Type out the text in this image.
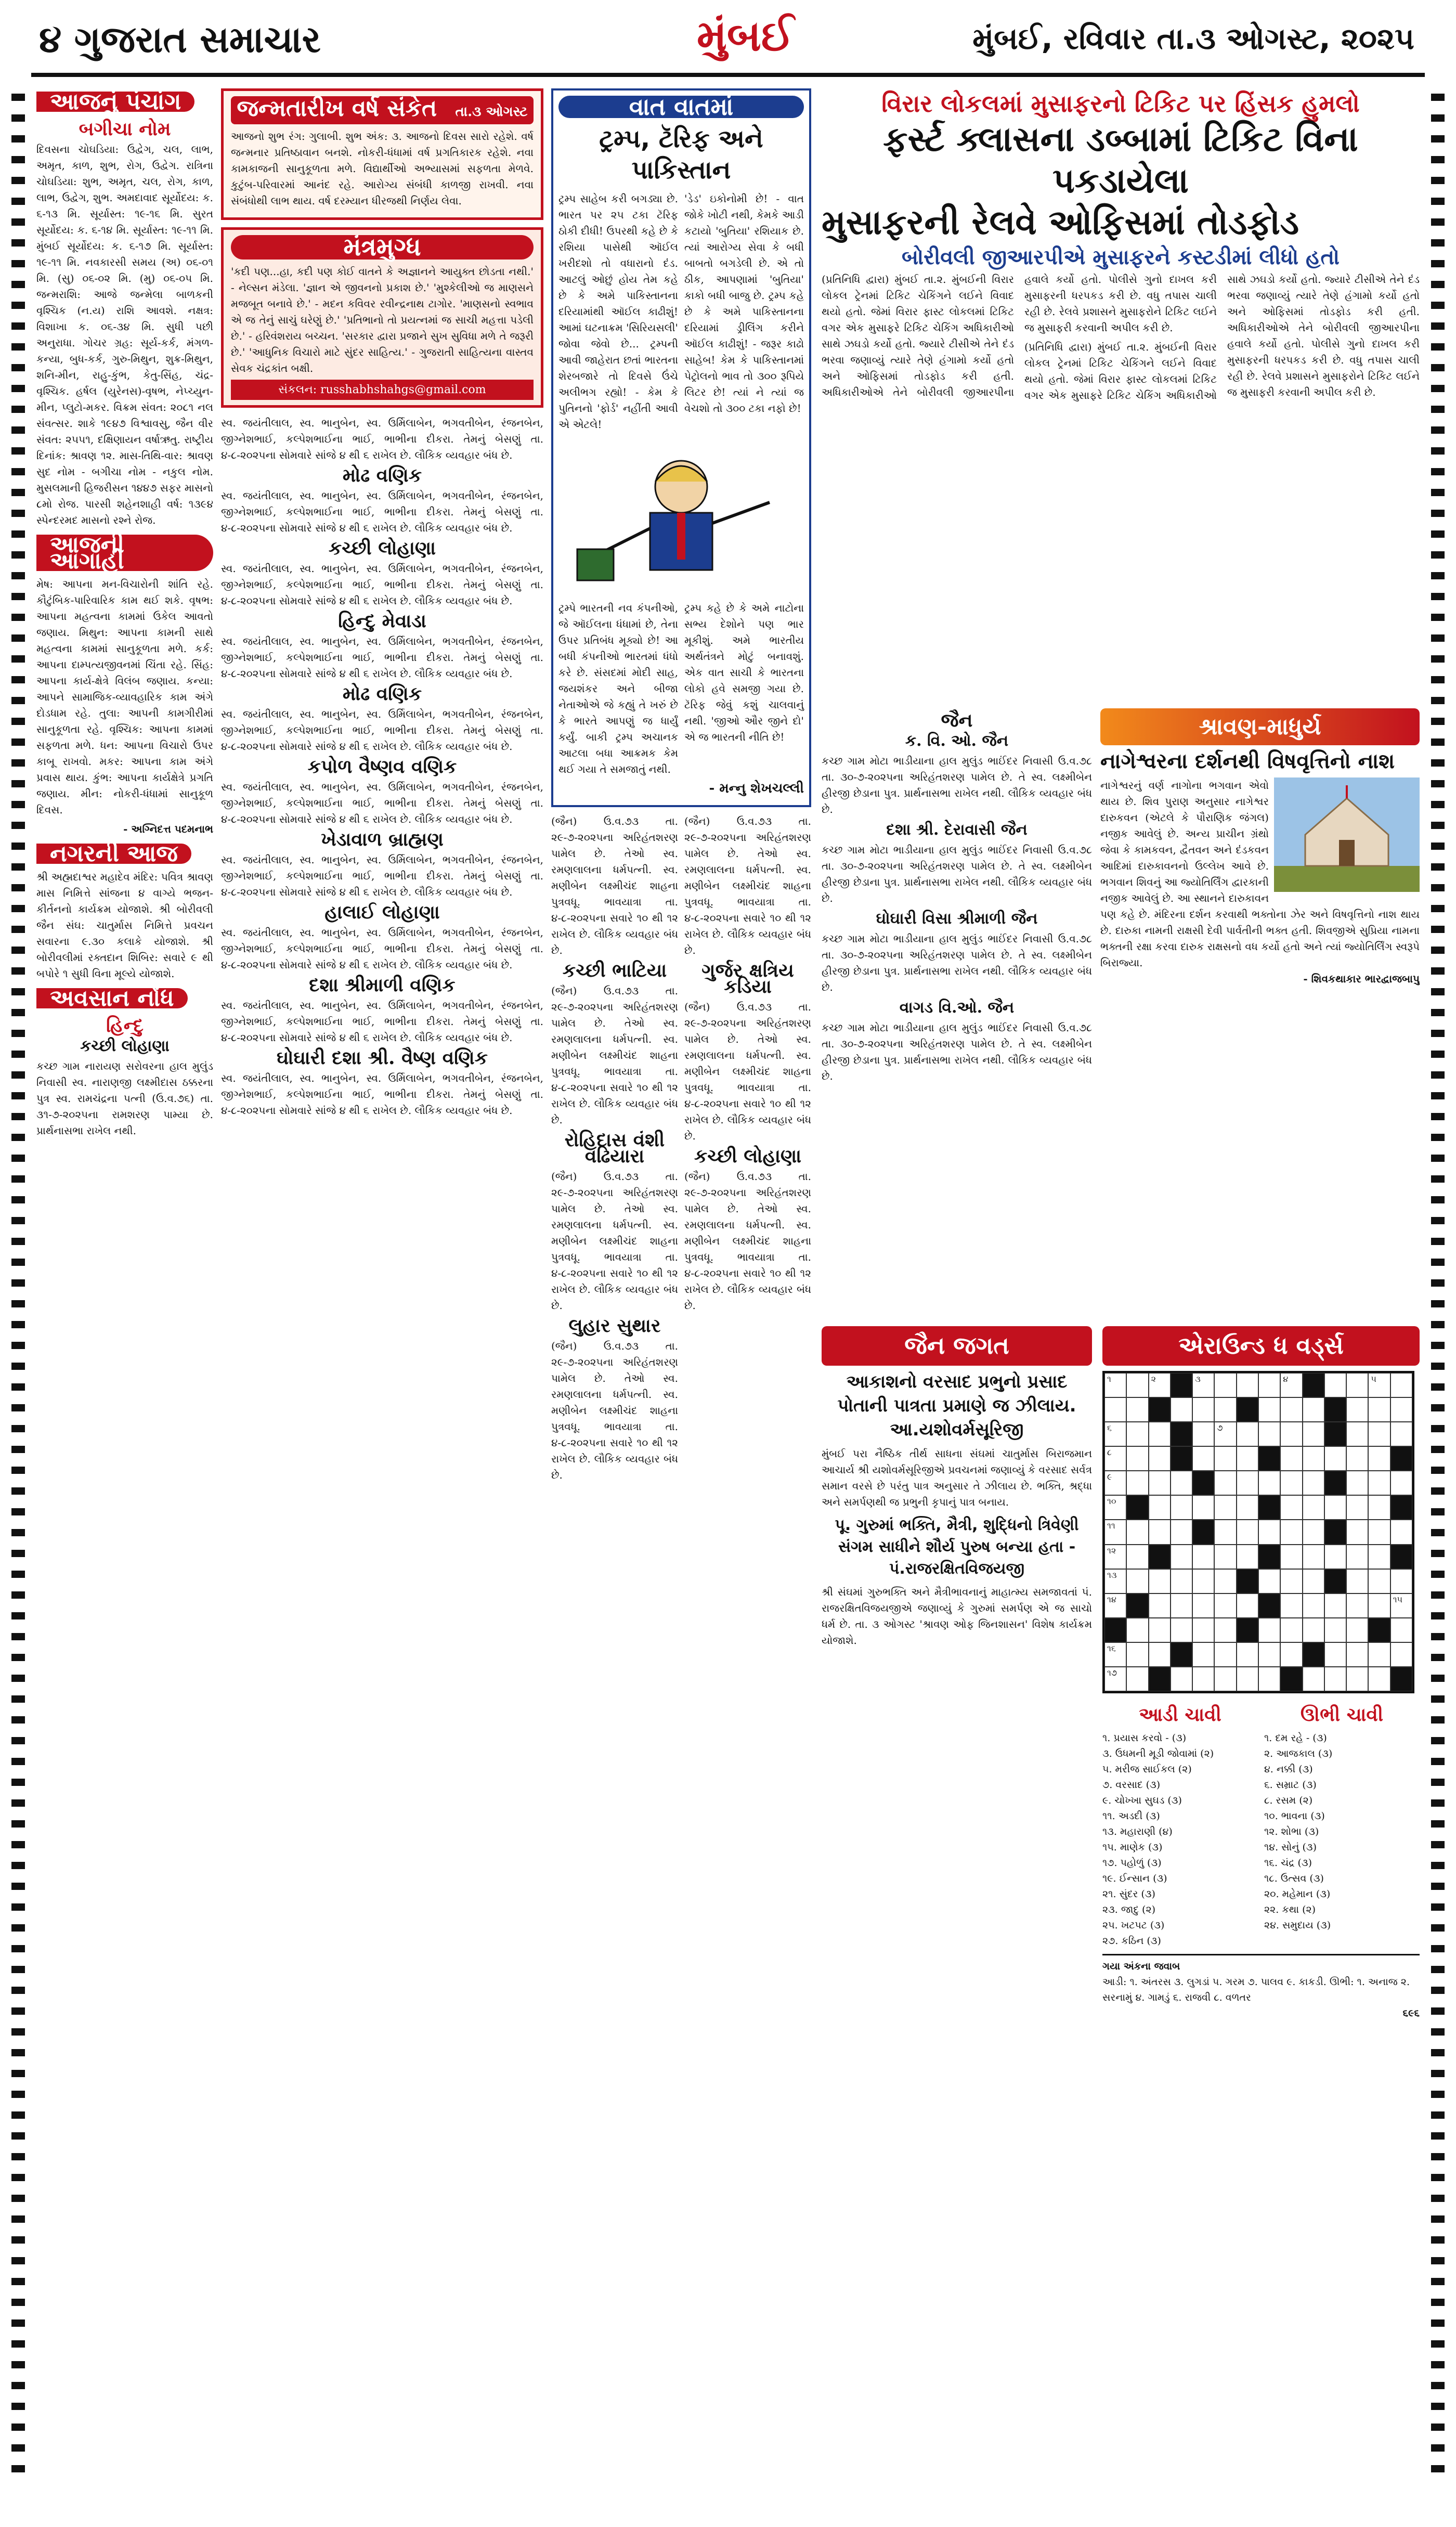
૪ ગુજરાત સમાચાર	મુંબઈ	મુંબઈ, રવિવાર તા.૩ ઓગસ્ટ, ૨૦૨૫
આજનું પંચાંગ
બગીચા નોમ

દિવસના ચોઘડિયા: ઉદ્વેગ, ચલ, લાભ, અમૃત, કાળ, શુભ, રોગ, ઉદ્વેગ. રાત્રિના ચોઘડિયા: શુભ, અમૃત, ચલ, રોગ, કાળ, લાભ, ઉદ્વેગ, શુભ. અમદાવાદ સૂર્યોદય: ક. ૬-૧૩ મિ. સૂર્યાસ્ત: ૧૯-૧૬ મિ. સુરત સૂર્યોદય: ક. ૬-૧૪ મિ. સૂર્યાસ્ત: ૧૯-૧૧ મિ. મુંબઈ સૂર્યોદય: ક. ૬-૧૭ મિ. સૂર્યાસ્ત: ૧૯-૧૧ મિ. નવકારસી સમય (અ) ૦૬-૦૧ મિ. (સુ) ૦૬-૦૨ મિ. (મુ) ૦૬-૦૫ મિ. જન્મરાશિ: આજે જન્મેલા બાળકની વૃશ્ચિક (ન.ય) રાશિ આવશે. નક્ષત્ર: વિશાખા ક. ૦૬-૩૪ મિ. સુધી પછી અનુરાધા. ગોચર ગ્રહ: સૂર્ય-કર્ક, મંગળ-કન્યા, બુધ-કર્ક, ગુરુ-મિથુન, શુક્ર-મિથુન, શનિ-મીન, રાહુ-કુંભ, કેતુ-સિંહ, ચંદ્ર-વૃશ્ચિક. હર્ષલ (યુરેનસ)-વૃષભ, નેપ્ચ્યુન-મીન, પ્લુટો-મકર. વિક્રમ સંવત: ૨૦૮૧ નલ સંવત્સર. શાકે ૧૯૪૭ વિશ્વાવસુ, જૈન વીર સંવત: ૨૫૫૧, દક્ષિણાયન વર્ષાઋતુ. રાષ્ટ્રીય દિનાંક: શ્રાવણ ૧૨. માસ-તિથિ-વાર: શ્રાવણ સુદ નોમ - બગીચા નોમ - નકુલ નોમ. મુસલમાની હિજરીસન ૧૪૪૭ સફર માસનો ૮મો રોજ. પારસી શહેનશાહી વર્ષ: ૧૩૯૪ સ્પેન્દરમદ માસનો રશ્ને રોજ.

આજની આગાહી

મેષ: આપના મન-વિચારોની શાંતિ રહે. કૌટુંબિક-પારિવારિક કામ થઈ શકે. વૃષભ: આપના મહત્વના કામમાં ઉકેલ આવતો જણાય. મિથુન: આપના કામની સાથે મહત્વના કામમાં સાનુકૂળતા મળે. કર્ક: આપના દામ્પત્યજીવનમાં ચિંતા રહે. સિંહ: આપના કાર્ય-ક્ષેત્રે વિલંબ જણાય. કન્યા: આપને સામાજિક-વ્યાવહારિક કામ અંગે દોડધામ રહે. તુલા: આપની કામગીરીમાં સાનુકૂળતા રહે. વૃશ્ચિક: આપના કામમાં સફળતા મળે. ધન: આપના વિચારો ઉપર કાબૂ રાખવો. મકર: આપના કામ અંગે પ્રવાસ થાય. કુંભ: આપના કાર્યક્ષેત્રે પ્રગતિ જણાય. મીન: નોકરી-ધંધામાં સાનુકૂળ દિવસ.

- અગ્નિદત્ત પદમનાભ

નગરની આજ

શ્રી અહ્મદાશ્વર મહાદેવ મંદિર: પવિત્ર શ્રાવણ માસ નિમિત્તે સાંજના ૪ વાગ્યે ભજન-કીર્તનનો કાર્યક્રમ યોજાશે. શ્રી બોરીવલી જૈન સંઘ: ચાતુર્માસ નિમિત્તે પ્રવચન સવારના ૯.૩૦ કલાકે યોજાશે. શ્રી બોરીવલીમાં રક્તદાન શિબિર: સવારે ૯ થી બપોરે ૧ સુધી વિના મૂલ્યે યોજાશે.

અવસાન નોંધ
હિન્દુ
કચ્છી લોહાણા

કચ્છ ગામ નારાયણ સરોવરના હાલ મુલુંડ નિવાસી સ્વ. નારાણજી લક્ષ્મીદાસ ઠક્કરના પુત્ર સ્વ. રામચંદ્રના પત્ની (ઉ.વ.૭૬) તા. ૩૧-૭-૨૦૨૫ના રામશરણ પામ્યા છે. પ્રાર્થનાસભા રાખેલ નથી.

જન્મતારીખ વર્ષ સંકેત તા.૩ ઓગસ્ટ

આજનો શુભ રંગ: ગુલાબી. શુભ અંક: ૩. આજનો દિવસ સારો રહેશે. વર્ષ જન્મનાર પ્રતિષ્ઠાવાન બનશે. નોકરી-ધંધામાં વર્ષ પ્રગતિકારક રહેશે. નવા કામકાજની સાનુકૂળતા મળે. વિદ્યાર્થીઓ અભ્યાસમાં સફળતા મેળવે. કુટુંબ-પરિવારમાં આનંદ રહે. આરોગ્ય સંબંધી કાળજી રાખવી. નવા સંબંધોથી લાભ થાય. વર્ષ દરમ્યાન ધીરજથી નિર્ણય લેવા.

મંત્રમુગ્ધ

'કદી પણ...હા, કદી પણ કોઈ વાતને કે અજ્ઞાનને આયુક્ત છોડતા નથી.' - નેલ્સન મંડેલા. 'જ્ઞાન એ જીવનનો પ્રકાશ છે.' 'મુશ્કેલીઓ જ માણસને મજબૂત બનાવે છે.' - મદન કવિવર રવીન્દ્રનાથ ટાગોર. 'માણસનો સ્વભાવ એ જ તેનું સાચું ઘરેણું છે.' 'પ્રતિભાનો તો પ્રયત્નમાં જ સાચી મહત્તા પડેલી છે.' - હરિવંશરાય બચ્ચન. 'સરકાર દ્વારા પ્રજાને સુખ સુવિધા મળે તે જરૂરી છે.' 'આધુનિક વિચારો માટે સુંદર સાહિત્ય.' - ગુજરાતી સાહિત્યના વાસ્તવ સેવક ચંદ્રકાંત બક્ષી.

સંકલન: russhabhshahgs@gmail.com

સ્વ. જયંતીલાલ, સ્વ. ભાનુબેન, સ્વ. ઉર્મિલાબેન, ભગવતીબેન, રંજનબેન, જીગ્નેશભાઈ, કલ્પેશભાઈના ભાઈ, ભાભીના દીકરા. તેમનું બેસણું તા. ૪-૮-૨૦૨૫ના સોમવારે સાંજે ૪ થી ૬ રાખેલ છે. લૌકિક વ્યવહાર બંધ છે.

મોઢ વણિક

સ્વ. જયંતીલાલ, સ્વ. ભાનુબેન, સ્વ. ઉર્મિલાબેન, ભગવતીબેન, રંજનબેન, જીગ્નેશભાઈ, કલ્પેશભાઈના ભાઈ, ભાભીના દીકરા. તેમનું બેસણું તા. ૪-૮-૨૦૨૫ના સોમવારે સાંજે ૪ થી ૬ રાખેલ છે. લૌકિક વ્યવહાર બંધ છે.

કચ્છી લોહાણા

સ્વ. જયંતીલાલ, સ્વ. ભાનુબેન, સ્વ. ઉર્મિલાબેન, ભગવતીબેન, રંજનબેન, જીગ્નેશભાઈ, કલ્પેશભાઈના ભાઈ, ભાભીના દીકરા. તેમનું બેસણું તા. ૪-૮-૨૦૨૫ના સોમવારે સાંજે ૪ થી ૬ રાખેલ છે. લૌકિક વ્યવહાર બંધ છે.

હિન્દુ મેવાડા

સ્વ. જયંતીલાલ, સ્વ. ભાનુબેન, સ્વ. ઉર્મિલાબેન, ભગવતીબેન, રંજનબેન, જીગ્નેશભાઈ, કલ્પેશભાઈના ભાઈ, ભાભીના દીકરા. તેમનું બેસણું તા. ૪-૮-૨૦૨૫ના સોમવારે સાંજે ૪ થી ૬ રાખેલ છે. લૌકિક વ્યવહાર બંધ છે.

મોઢ વણિક

સ્વ. જયંતીલાલ, સ્વ. ભાનુબેન, સ્વ. ઉર્મિલાબેન, ભગવતીબેન, રંજનબેન, જીગ્નેશભાઈ, કલ્પેશભાઈના ભાઈ, ભાભીના દીકરા. તેમનું બેસણું તા. ૪-૮-૨૦૨૫ના સોમવારે સાંજે ૪ થી ૬ રાખેલ છે. લૌકિક વ્યવહાર બંધ છે.

કપોળ વૈષ્ણવ વણિક

સ્વ. જયંતીલાલ, સ્વ. ભાનુબેન, સ્વ. ઉર્મિલાબેન, ભગવતીબેન, રંજનબેન, જીગ્નેશભાઈ, કલ્પેશભાઈના ભાઈ, ભાભીના દીકરા. તેમનું બેસણું તા. ૪-૮-૨૦૨૫ના સોમવારે સાંજે ૪ થી ૬ રાખેલ છે. લૌકિક વ્યવહાર બંધ છે.

ખેડાવાળ બ્રાહ્મણ

સ્વ. જયંતીલાલ, સ્વ. ભાનુબેન, સ્વ. ઉર્મિલાબેન, ભગવતીબેન, રંજનબેન, જીગ્નેશભાઈ, કલ્પેશભાઈના ભાઈ, ભાભીના દીકરા. તેમનું બેસણું તા. ૪-૮-૨૦૨૫ના સોમવારે સાંજે ૪ થી ૬ રાખેલ છે. લૌકિક વ્યવહાર બંધ છે.

હાલાઈ લોહાણા

સ્વ. જયંતીલાલ, સ્વ. ભાનુબેન, સ્વ. ઉર્મિલાબેન, ભગવતીબેન, રંજનબેન, જીગ્નેશભાઈ, કલ્પેશભાઈના ભાઈ, ભાભીના દીકરા. તેમનું બેસણું તા. ૪-૮-૨૦૨૫ના સોમવારે સાંજે ૪ થી ૬ રાખેલ છે. લૌકિક વ્યવહાર બંધ છે.

દશા શ્રીમાળી વણિક

સ્વ. જયંતીલાલ, સ્વ. ભાનુબેન, સ્વ. ઉર્મિલાબેન, ભગવતીબેન, રંજનબેન, જીગ્નેશભાઈ, કલ્પેશભાઈના ભાઈ, ભાભીના દીકરા. તેમનું બેસણું તા. ૪-૮-૨૦૨૫ના સોમવારે સાંજે ૪ થી ૬ રાખેલ છે. લૌકિક વ્યવહાર બંધ છે.

ઘોઘારી દશા શ્રી. વૈષ્ણ વણિક

સ્વ. જયંતીલાલ, સ્વ. ભાનુબેન, સ્વ. ઉર્મિલાબેન, ભગવતીબેન, રંજનબેન, જીગ્નેશભાઈ, કલ્પેશભાઈના ભાઈ, ભાભીના દીકરા. તેમનું બેસણું તા. ૪-૮-૨૦૨૫ના સોમવારે સાંજે ૪ થી ૬ રાખેલ છે. લૌકિક વ્યવહાર બંધ છે.

વાત વાતમાં
ટ્રમ્પ, ટૅરિફ અને પાકિસ્તાન

ટ્રમ્પ સાહેબ કરી બગડ્યા છે. ભારત પર ૨૫ ટકા ટૅરિફ ઠોકી દીધી! ઉપરથી કહે છે કે રશિયા પાસેથી ઑઈલ ખરીદશો તો વધારાનો દંડ. આટલું ઓછું હોય તેમ કહે છે કે અમે પાકિસ્તાનના દરિયામાંથી ઑઈલ કાઢીશું! આમાં ઘટનાક્રમ 'સિરિયસલી' જોવા જેવો છે... ટ્રમ્પની આવી જાહેરાત છતાં ભારતના શેરબજારે તો દિવસે ઉંચે અલીભગ રહ્યો! - કેમ કે પુતિનનો 'ફોર્ડ' નહીંતી આવી એ એટલે!

'ડેડ' ઇકોનોમી છે! - વાત જોકે ખોટી નથી, કેમકે આડી કટાયો 'બુતિયા' રશિયાક છે. ત્યાં આરોગ્ય સેવા કે બધી બાબતો બગડેલી છે. એ તો ઠીક, આપણામાં 'બુતિયા' કાકો બધી બાજુ છે. ટ્રમ્પ કહે છે કે અમે પાકિસ્તાનના દરિયામાં ડ્રીલિંગ કરીને ઑઈલ કાઢીશું! - જરૂર કાઢો સાહેબ! કેમ કે પાકિસ્તાનમાં પેટ્રોલનો ભાવ તો ૩૦૦ રૂપિયે લિટર છે! ત્યાં ને ત્યાં જ વેચશો તો ૩૦૦ ટકા નફો છે!

ટ્રમ્પે ભારતની નવ કંપનીઓ, જે ઑઈલના ધંધામાં છે, તેના ઉપર પ્રતિબંધ મૂક્યો છે! આ બધી કંપનીઓ ભારતમાં ધંધો કરે છે. સંસદમાં મોદી સાહ, જયશંકર અને બીજા નેતાઓએ જે કહ્યું તે ખરું છે કે ભારતે આપણું જ ધાર્યું કર્યું. બાકી ટ્રમ્પ અચાનક આટલા બધા આક્રમક કેમ થઈ ગયા તે સમજાતું નથી.

ટ્રમ્પ કહે છે કે અમે નાટોના સભ્ય દેશોને પણ ભાર મૂકીશું. અમે ભારતીય અર્થતંત્રને મોટું બનાવશું. એક વાત સાચી કે ભારતના લોકો હવે સમજી ગયા છે. ટૅરિફ જેવું કશું ચાલવાનું નથી. 'જીઓ ઔર જીને દો' એ જ ભારતની નીતિ છે!

- મન્નુ શેખચલ્લી

(જૈન) ઉ.વ.૭૩ તા. ૨૯-૭-૨૦૨૫ના અરિહંતશરણ પામેલ છે. તેઓ સ્વ. રમણલાલના ધર્મપત્ની. સ્વ. મણીબેન લક્ષ્મીચંદ શાહના પુત્રવધૂ. ભાવયાત્રા તા. ૪-૮-૨૦૨૫ના સવારે ૧૦ થી ૧૨ રાખેલ છે. લૌકિક વ્યવહાર બંધ છે.

કચ્છી ભાટિયા

(જૈન) ઉ.વ.૭૩ તા. ૨૯-૭-૨૦૨૫ના અરિહંતશરણ પામેલ છે. તેઓ સ્વ. રમણલાલના ધર્મપત્ની. સ્વ. મણીબેન લક્ષ્મીચંદ શાહના પુત્રવધૂ. ભાવયાત્રા તા. ૪-૮-૨૦૨૫ના સવારે ૧૦ થી ૧૨ રાખેલ છે. લૌકિક વ્યવહાર બંધ છે.

રોહિદાસ વંશી વઢિયારા

(જૈન) ઉ.વ.૭૩ તા. ૨૯-૭-૨૦૨૫ના અરિહંતશરણ પામેલ છે. તેઓ સ્વ. રમણલાલના ધર્મપત્ની. સ્વ. મણીબેન લક્ષ્મીચંદ શાહના પુત્રવધૂ. ભાવયાત્રા તા. ૪-૮-૨૦૨૫ના સવારે ૧૦ થી ૧૨ રાખેલ છે. લૌકિક વ્યવહાર બંધ છે.

લુહાર સુથાર

(જૈન) ઉ.વ.૭૩ તા. ૨૯-૭-૨૦૨૫ના અરિહંતશરણ પામેલ છે. તેઓ સ્વ. રમણલાલના ધર્મપત્ની. સ્વ. મણીબેન લક્ષ્મીચંદ શાહના પુત્રવધૂ. ભાવયાત્રા તા. ૪-૮-૨૦૨૫ના સવારે ૧૦ થી ૧૨ રાખેલ છે. લૌકિક વ્યવહાર બંધ છે.

(જૈન) ઉ.વ.૭૩ તા. ૨૯-૭-૨૦૨૫ના અરિહંતશરણ પામેલ છે. તેઓ સ્વ. રમણલાલના ધર્મપત્ની. સ્વ. મણીબેન લક્ષ્મીચંદ શાહના પુત્રવધૂ. ભાવયાત્રા તા. ૪-૮-૨૦૨૫ના સવારે ૧૦ થી ૧૨ રાખેલ છે. લૌકિક વ્યવહાર બંધ છે.

ગુર્જર ક્ષત્રિય કડિયા

(જૈન) ઉ.વ.૭૩ તા. ૨૯-૭-૨૦૨૫ના અરિહંતશરણ પામેલ છે. તેઓ સ્વ. રમણલાલના ધર્મપત્ની. સ્વ. મણીબેન લક્ષ્મીચંદ શાહના પુત્રવધૂ. ભાવયાત્રા તા. ૪-૮-૨૦૨૫ના સવારે ૧૦ થી ૧૨ રાખેલ છે. લૌકિક વ્યવહાર બંધ છે.

કચ્છી લોહાણા

(જૈન) ઉ.વ.૭૩ તા. ૨૯-૭-૨૦૨૫ના અરિહંતશરણ પામેલ છે. તેઓ સ્વ. રમણલાલના ધર્મપત્ની. સ્વ. મણીબેન લક્ષ્મીચંદ શાહના પુત્રવધૂ. ભાવયાત્રા તા. ૪-૮-૨૦૨૫ના સવારે ૧૦ થી ૧૨ રાખેલ છે. લૌકિક વ્યવહાર બંધ છે.

વિરાર લોકલમાં મુસાફરનો ટિકિટ પર હિંસક હુમલો
ફર્સ્ટ ક્લાસના ડબ્બામાં ટિકિટ વિના પકડાયેલા
મુસાફરની રેલવે ઓફિસમાં તોડફોડ
બોરીવલી જીઆરપીએ મુસાફરને કસ્ટડીમાં લીધો હતો

(પ્રતિનિધિ દ્વારા) મુંબઈ તા.૨. મુંબઈની વિરાર લોકલ ટ્રેનમાં ટિકિટ ચેકિંગને લઈને વિવાદ થયો હતો. જેમાં વિરાર ફાસ્ટ લોકલમાં ટિકિટ વગર એક મુસાફરે ટિકિટ ચેકિંગ અધિકારીઓ સાથે ઝઘડો કર્યો હતો. જ્યારે ટીસીએ તેને દંડ ભરવા જણાવ્યું ત્યારે તેણે હંગામો કર્યો હતો અને ઓફિસમાં તોડફોડ કરી હતી. અધિકારીઓએ તેને બોરીવલી જીઆરપીના હવાલે કર્યો હતો. પોલીસે ગુનો દાખલ કરી મુસાફરની ધરપકડ કરી છે. વધુ તપાસ ચાલી રહી છે. રેલવે પ્રશાસને મુસાફરોને ટિકિટ લઈને જ મુસાફરી કરવાની અપીલ કરી છે.

(પ્રતિનિધિ દ્વારા) મુંબઈ તા.૨. મુંબઈની વિરાર લોકલ ટ્રેનમાં ટિકિટ ચેકિંગને લઈને વિવાદ થયો હતો. જેમાં વિરાર ફાસ્ટ લોકલમાં ટિકિટ વગર એક મુસાફરે ટિકિટ ચેકિંગ અધિકારીઓ સાથે ઝઘડો કર્યો હતો. જ્યારે ટીસીએ તેને દંડ ભરવા જણાવ્યું ત્યારે તેણે હંગામો કર્યો હતો અને ઓફિસમાં તોડફોડ કરી હતી. અધિકારીઓએ તેને બોરીવલી જીઆરપીના હવાલે કર્યો હતો. પોલીસે ગુનો દાખલ કરી મુસાફરની ધરપકડ કરી છે. વધુ તપાસ ચાલી રહી છે. રેલવે પ્રશાસને મુસાફરોને ટિકિટ લઈને જ મુસાફરી કરવાની અપીલ કરી છે.

જૈન
ક. વિ. ઓ. જૈન

કચ્છ ગામ મોટા ભાડીયાના હાલ મુલુંડ ભાઈંદર નિવાસી ઉ.વ.૭૮ તા. ૩૦-૭-૨૦૨૫ના અરિહંતશરણ પામેલ છે. તે સ્વ. લક્ષ્મીબેન હીરજી છેડાના પુત્ર. પ્રાર્થનાસભા રાખેલ નથી. લૌકિક વ્યવહાર બંધ છે.

દશા શ્રી. દેરાવાસી જૈન

કચ્છ ગામ મોટા ભાડીયાના હાલ મુલુંડ ભાઈંદર નિવાસી ઉ.વ.૭૮ તા. ૩૦-૭-૨૦૨૫ના અરિહંતશરણ પામેલ છે. તે સ્વ. લક્ષ્મીબેન હીરજી છેડાના પુત્ર. પ્રાર્થનાસભા રાખેલ નથી. લૌકિક વ્યવહાર બંધ છે.

ઘોઘારી વિસા શ્રીમાળી જૈન

કચ્છ ગામ મોટા ભાડીયાના હાલ મુલુંડ ભાઈંદર નિવાસી ઉ.વ.૭૮ તા. ૩૦-૭-૨૦૨૫ના અરિહંતશરણ પામેલ છે. તે સ્વ. લક્ષ્મીબેન હીરજી છેડાના પુત્ર. પ્રાર્થનાસભા રાખેલ નથી. લૌકિક વ્યવહાર બંધ છે.

વાગડ વિ.ઓ. જૈન

કચ્છ ગામ મોટા ભાડીયાના હાલ મુલુંડ ભાઈંદર નિવાસી ઉ.વ.૭૮ તા. ૩૦-૭-૨૦૨૫ના અરિહંતશરણ પામેલ છે. તે સ્વ. લક્ષ્મીબેન હીરજી છેડાના પુત્ર. પ્રાર્થનાસભા રાખેલ નથી. લૌકિક વ્યવહાર બંધ છે.

શ્રાવણ-માધુર્ય
નાગેશ્વરના દર્શનથી વિષવૃત્તિનો નાશ

નાગેશ્વરનું વર્ણ નાગોના ભગવાન એવો થાય છે. શિવ પુરાણ અનુસાર નાગેશ્વર દારુકવન (એટલે કે પૌરાણિક જંગલ) નજીક આવેલું છે. અન્ય પ્રાચીન ગ્રંથો જેવા કે કામકવન, દ્વૈતવન અને દંડકવન આદિમાં દારુકાવનનો ઉલ્લેખ આવે છે. ભગવાન શિવનું આ જ્યોતિર્લિંગ દ્વારકાની નજીક આવેલું છે. આ સ્થાનને દારુકાવન પણ કહે છે. મંદિરના દર્શન કરવાથી ભક્તોના ઝેર અને વિષવૃત્તિનો નાશ થાય છે. દારુકા નામની રાક્ષસી દેવી પાર્વતીની ભક્ત હતી. શિવજીએ સુપ્રિયા નામના ભક્તની રક્ષા કરવા દારુક રાક્ષસનો વધ કર્યો હતો અને ત્યાં જ્યોતિર્લિંગ સ્વરૂપે બિરાજ્યા.

- શિવકથાકાર ભારદ્વાજબાપુ

જૈન જગત
આકાશનો વરસાદ પ્રભુનો પ્રસાદ પોતાની પાત્રતા પ્રમાણે જ ઝીલાય. આ.યશોવર્મસૂરિજી

મુંબઈ પરા નૈષ્ઠિક તીર્થ સાધના સંઘમાં ચાતુર્માસ બિરાજમાન આચાર્ય શ્રી યશોવર્મસૂરિજીએ પ્રવચનમાં જણાવ્યું કે વરસાદ સર્વત્ર સમાન વરસે છે પરંતુ પાત્ર અનુસાર તે ઝીલાય છે. ભક્તિ, શ્રદ્ધા અને સમર્પણથી જ પ્રભુની કૃપાનું પાત્ર બનાય.

પૂ. ગુરુમાં ભક્તિ, મૈત્રી, શુદ્ધિનો ત્રિવેણી સંગમ સાધીને શૌર્ય પુરુષ બન્યા હતા - પં.રાજરક્ષિતવિજયજી

શ્રી સંઘમાં ગુરુભક્તિ અને મૈત્રીભાવનાનું માહાત્મ્ય સમજાવતાં પં. રાજરક્ષિતવિજયજીએ જણાવ્યું કે ગુરુમાં સમર્પણ એ જ સાચો ધર્મ છે. તા. ૩ ઓગસ્ટ 'શ્રાવણ ઓફ જિનશાસન' વિશેષ કાર્યક્રમ યોજાશે.

એરાઉન્ડ ધ વર્ડ્સ
૧	૨	૩	૪	૫
૬	૭
૮
૯
૧૦
૧૧
૧૨
૧૩
૧૪	૧૫
૧૬
૧૭
આડી ચાવી
૧. પ્રયાસ કરવો - (૩)
૩. ઉધમની મૂડી જોવામાં (૨)
૫. મરીજ સાઈકલ (૨)
૭. વરસાદ (૩)
૯. ચોખ્ખા સુઘડ (૩)
૧૧. અડદી (૩)
૧૩. મહારાણી (૪)
૧૫. માણેક (૩)
૧૭. પહોળું (૩)
૧૯. ઈન્સાન (૩)
૨૧. સુંદર (૩)
૨૩. જાદુ (૨)
૨૫. ખટપટ (૩)
૨૭. કઠિન (૩)
ઊભી ચાવી
૧. દમ રહે - (૩)
૨. આજકાલ (૩)
૪. નક્કી (૩)
૬. સમ્રાટ (૩)
૮. રસમ (૨)
૧૦. ભાવના (૩)
૧૨. શોભા (૩)
૧૪. સોનું (૩)
૧૬. ચંદ્ર (૩)
૧૮. ઉત્સવ (૩)
૨૦. મહેમાન (૩)
૨૨. કથા (૨)
૨૪. સમુદાય (૩)
ગયા અંકના જવાબ
આડી: ૧. અંતરસ ૩. લુગડાં ૫. ગરમ ૭. પાલવ ૯. કાકડી. ઊભી: ૧. અનાજ ૨. સરનામું ૪. ગામડું ૬. રાજવી ૮. વળતર
૬૯૬
